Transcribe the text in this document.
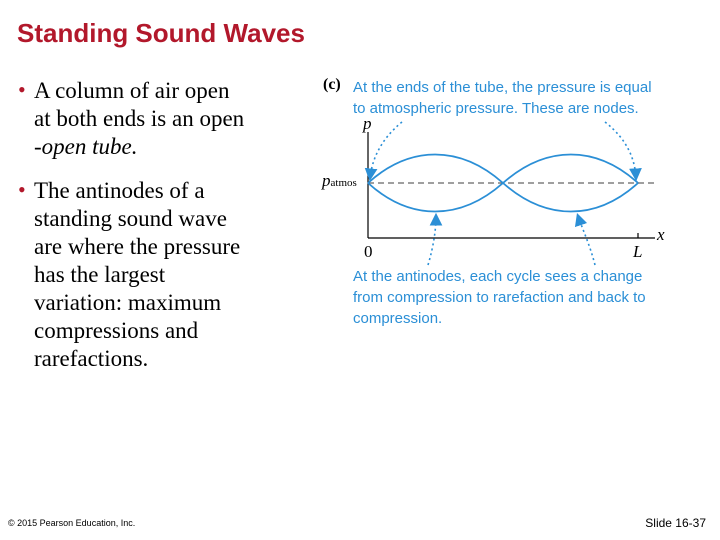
Standing Sound Waves
• A column of air open
at both ends is an open
-open tube.
• The antinodes of a
standing sound wave
are where the pressure
has the largest
variation: maximum
compressions and
rarefactions.
(c) At the ends of the tube, the pressure is equal
to atmospheric pressure. These are nodes.
p
patmos
x
0	L
At the antinodes, each cycle sees a change
from compression to rarefaction and back to
compression.
© 2015 Pearson Education, Inc.	Slide 16-37
